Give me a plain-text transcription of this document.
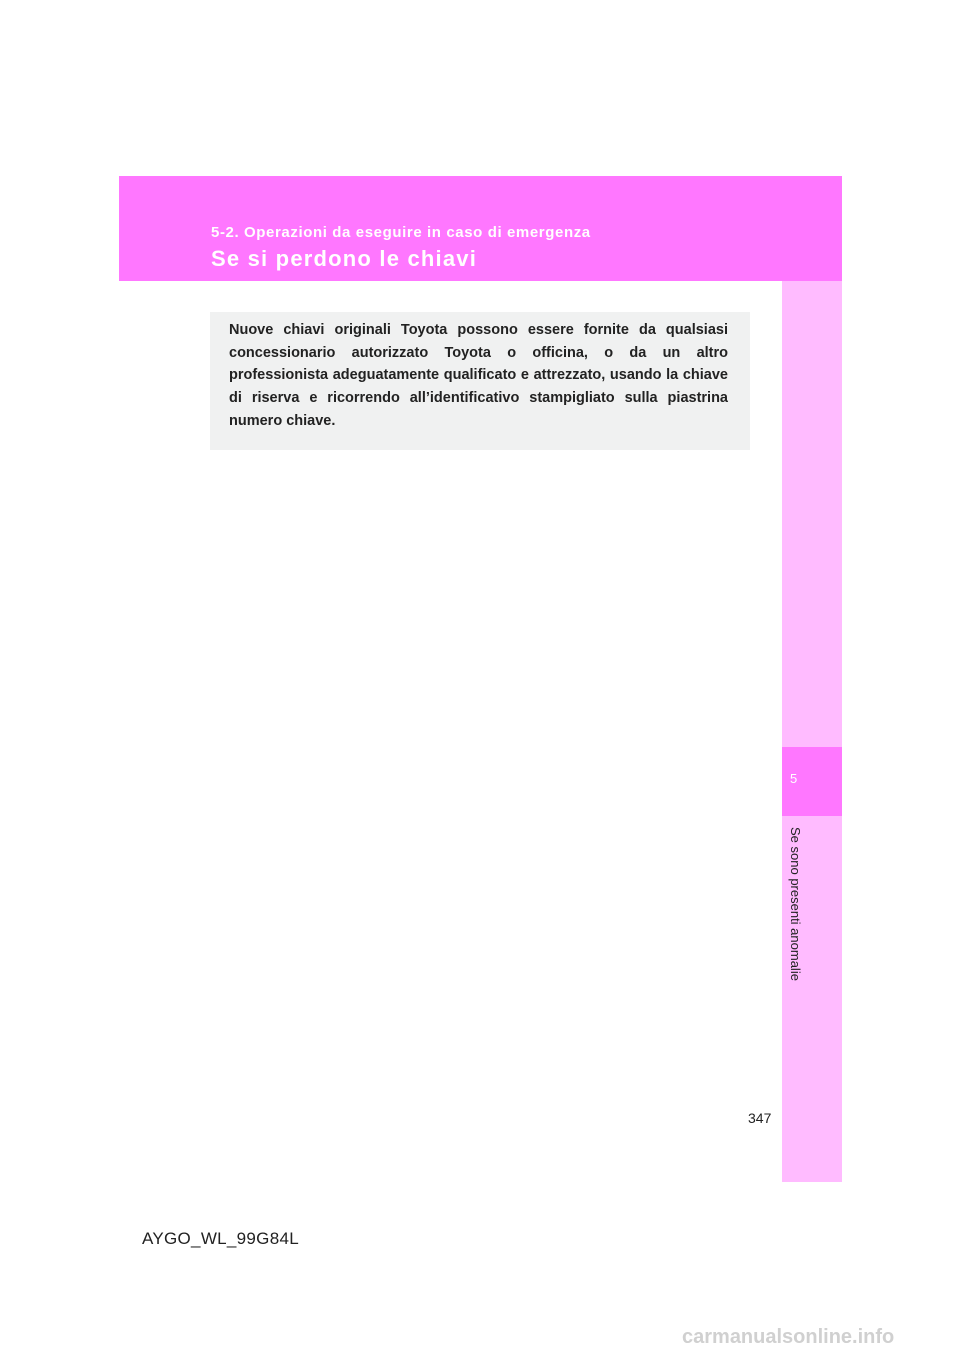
5-2. Operazioni da eseguire in caso di emergenza
Se si perdono le chiavi
5
Se sono presenti anomalie

Nuove chiavi originali Toyota possono essere fornite da qualsiasi concessionario autorizzato Toyota o officina, o da un altro professionista adeguatamente qualificato e attrezzato, usando la chiave di riserva e ricorrendo all’identificativo stampigliato sulla piastrina numero chiave.

347
AYGO_WL_99G84L
carmanualsonline.info
